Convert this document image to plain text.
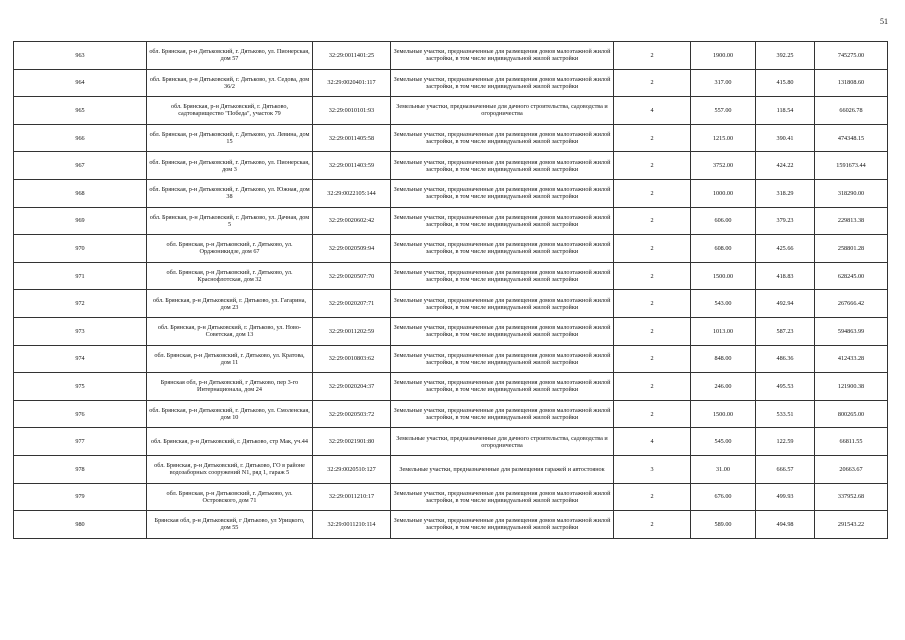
51
963	обл. Брянская, р-н Дятьковский, г. Дятьково, ул. Пионерская, дом 57	32:29:0011401:25	Земельные участки, предназначенные для размещения домов малоэтажной жилой застройки, в том числе индивидуальной жилой застройки	2	1900.00	392.25	745275.00
964	обл. Брянская, р-н Дятьковский, г. Дятьково, ул. Седова, дом 36/2	32:29:0020401:117	Земельные участки, предназначенные для размещения домов малоэтажной жилой застройки, в том числе индивидуальной жилой застройки	2	317.00	415.80	131808.60
965	обл. Брянская, р-н Дятьковский, г. Дятьково, садтоварищество "Победа", участок 79	32:29:0010101:93	Земельные участки, предназначенные для дачного строительства, садоводства и огородничества	4	557.00	118.54	66026.78
966	обл. Брянская, р-н Дятьковский, г. Дятьково, ул. Левина, дом 15	32:29:0011405:58	Земельные участки, предназначенные для размещения домов малоэтажной жилой застройки, в том числе индивидуальной жилой застройки	2	1215.00	390.41	474348.15
967	обл. Брянская, р-н Дятьковский, г. Дятьково, ул. Пионерская, дом 3	32:29:0011403:59	Земельные участки, предназначенные для размещения домов малоэтажной жилой застройки, в том числе индивидуальной жилой застройки	2	3752.00	424.22	1591673.44
968	обл. Брянская, р-н Дятьковский, г. Дятьково, ул. Южная, дом 38	32:29:0022105:144	Земельные участки, предназначенные для размещения домов малоэтажной жилой застройки, в том числе индивидуальной жилой застройки	2	1000.00	318.29	318290.00
969	обл. Брянская, р-н Дятьковский, г. Дятьково, ул. Дачная, дом 5	32:29:0020602:42	Земельные участки, предназначенные для размещения домов малоэтажной жилой застройки, в том числе индивидуальной жилой застройки	2	606.00	379.23	229813.38
970	обл. Брянская, р-н Дятьковский, г. Дятьково, ул. Орджоникидзе, дом 67	32:29:0020509:94	Земельные участки, предназначенные для размещения домов малоэтажной жилой застройки, в том числе индивидуальной жилой застройки	2	608.00	425.66	258801.28
971	обл. Брянская, р-н Дятьковский, г. Дятьково, ул. Краснофлотская, дом 32	32:29:0020507:70	Земельные участки, предназначенные для размещения домов малоэтажной жилой застройки, в том числе индивидуальной жилой застройки	2	1500.00	418.83	628245.00
972	обл. Брянская, р-н Дятьковский, г. Дятьково, ул. Гагарина, дом 23	32:29:0020207:71	Земельные участки, предназначенные для размещения домов малоэтажной жилой застройки, в том числе индивидуальной жилой застройки	2	543.00	492.94	267666.42
973	обл. Брянская, р-н Дятьковский, г. Дятьково, ул. Ново-Советская, дом 13	32:29:0011202:59	Земельные участки, предназначенные для размещения домов малоэтажной жилой застройки, в том числе индивидуальной жилой застройки	2	1013.00	587.23	594863.99
974	обл. Брянская, р-н Дятьковский, г. Дятьково, ул. Кратова, дом 11	32:29:0010803:62	Земельные участки, предназначенные для размещения домов малоэтажной жилой застройки, в том числе индивидуальной жилой застройки	2	848.00	486.36	412433.28
975	Брянская обл, р-н Дятьковский, г Дятьково, пер 3-го Интернационала, дом 24	32:29:0020204:37	Земельные участки, предназначенные для размещения домов малоэтажной жилой застройки, в том числе индивидуальной жилой застройки	2	246.00	495.53	121900.38
976	обл. Брянская, р-н Дятьковский, г. Дятьково, ул. Смоленская, дом 10	32:29:0020503:72	Земельные участки, предназначенные для размещения домов малоэтажной жилой застройки, в том числе индивидуальной жилой застройки	2	1500.00	533.51	800265.00
977	обл. Брянская, р-н Дятьковский, г. Дятьково, стр Мак, уч.44	32:29:0021901:80	Земельные участки, предназначенные для дачного строительства, садоводства и огородничества	4	545.00	122.59	66811.55
978	обл. Брянская, р-н Дятьковский, г. Дятьково, ГО в районе водозаборных сооружений N1, ряд 1, гараж 5	32:29:0020510:127	Земельные участки, предназначенные для размещения гаражей и автостоянок	3	31.00	666.57	20663.67
979	обл. Брянская, р-н Дятьковский, г. Дятьково, ул. Островского, дом 71	32:29:0011210:17	Земельные участки, предназначенные для размещения домов малоэтажной жилой застройки, в том числе индивидуальной жилой застройки	2	676.00	499.93	337952.68
980	Брянская обл, р-н Дятьковский, г Дятьково, ул Урицкого, дом 55	32:29:0011210:114	Земельные участки, предназначенные для размещения домов малоэтажной жилой застройки, в том числе индивидуальной жилой застройки	2	589.00	494.98	291543.22
